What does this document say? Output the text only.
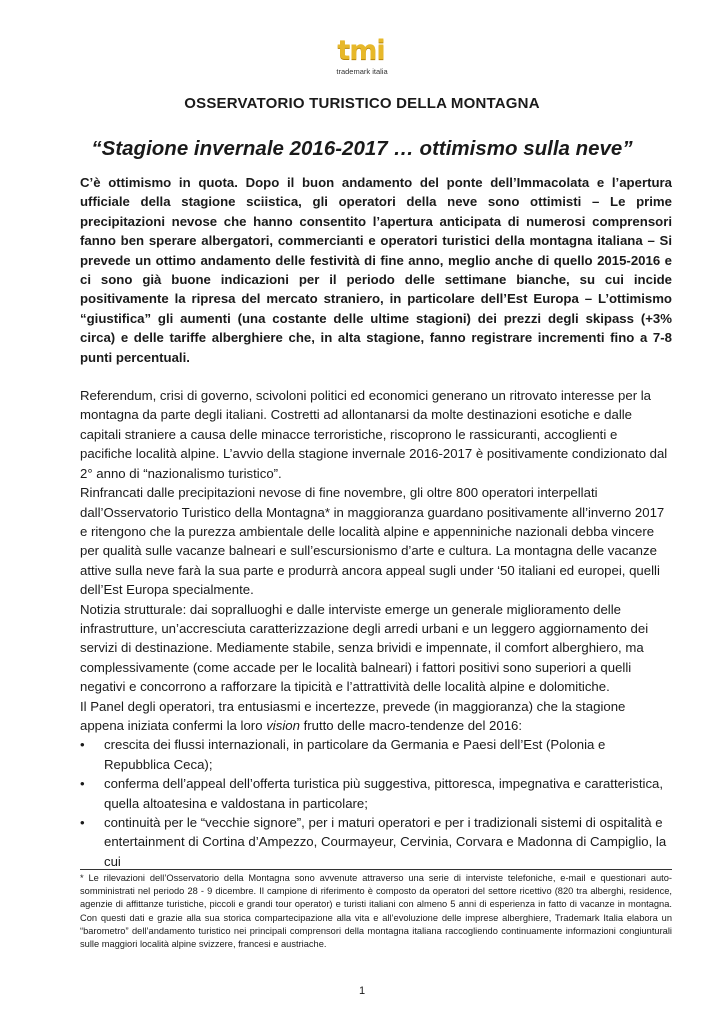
tmi
trademark italia
OSSERVATORIO TURISTICO DELLA MONTAGNA
“Stagione invernale 2016-2017 … ottimismo sulla neve”

C’è ottimismo in quota. Dopo il buon andamento del ponte dell’Immacolata e l’apertura ufficiale della stagione sciistica, gli operatori della neve sono ottimisti – Le prime precipitazioni nevose che hanno consentito l’apertura anticipata di numerosi comprensori fanno ben sperare albergatori, commercianti e operatori turistici della montagna italiana – Si prevede un ottimo andamento delle festività di fine anno, meglio anche di quello 2015-2016 e ci sono già buone indicazioni per il periodo delle settimane bianche, su cui incide positivamente la ripresa del mercato straniero, in particolare dell’Est Europa – L’ottimismo “giustifica” gli aumenti (una costante delle ultime stagioni) dei prezzi degli skipass (+3% circa) e delle tariffe alberghiere che, in alta stagione, fanno registrare incrementi fino a 7-8 punti percentuali.

Referendum, crisi di governo, scivoloni politici ed economici generano un ritrovato interesse per la montagna da parte degli italiani. Costretti ad allontanarsi da molte destinazioni esotiche e dalle capitali straniere a causa delle minacce terroristiche, riscoprono le rassicuranti, accoglienti e pacifiche località alpine. L’avvio della stagione invernale 2016-2017 è positivamente condizionato dal 2° anno di “nazionalismo turistico”.

Rinfrancati dalle precipitazioni nevose di fine novembre, gli oltre 800 operatori interpellati dall’Osservatorio Turistico della Montagna* in maggioranza guardano positivamente all’inverno 2017 e ritengono che la purezza ambientale delle località alpine e appenniniche nazionali debba vincere per qualità sulle vacanze balneari e sull’escursionismo d’arte e cultura. La montagna delle vacanze attive sulla neve farà la sua parte e produrrà ancora appeal sugli under ‘50 italiani ed europei, quelli dell’Est Europa specialmente.

Notizia strutturale: dai sopralluoghi e dalle interviste emerge un generale miglioramento delle infrastrutture, un’accresciuta caratterizzazione degli arredi urbani e un leggero aggiornamento dei servizi di destinazione. Mediamente stabile, senza brividi e impennate, il comfort alberghiero, ma complessivamente (come accade per le località balneari) i fattori positivi sono superiori a quelli negativi e concorrono a rafforzare la tipicità e l’attrattività delle località alpine e dolomitiche.

Il Panel degli operatori, tra entusiasmi e incertezze, prevede (in maggioranza) che la stagione appena iniziata confermi la loro vision frutto delle macro-tendenze del 2016:

• crescita dei flussi internazionali, in particolare da Germania e Paesi dell’Est (Polonia e Repubblica Ceca);
• conferma dell’appeal dell’offerta turistica più suggestiva, pittoresca, impegnativa e caratteristica, quella altoatesina e valdostana in particolare;
• continuità per le “vecchie signore”, per i maturi operatori e per i tradizionali sistemi di ospitalità e entertainment di Cortina d’Ampezzo, Courmayeur, Cervinia, Corvara e Madonna di Campiglio, la cui

* Le rilevazioni dell’Osservatorio della Montagna sono avvenute attraverso una serie di interviste telefoniche, e-mail e questionari auto-somministrati nel periodo 28 - 9 dicembre. Il campione di riferimento è composto da operatori del settore ricettivo (820 tra alberghi, residence, agenzie di affittanze turistiche, piccoli e grandi tour operator) e turisti italiani con almeno 5 anni di esperienza in fatto di vacanze in montagna. Con questi dati e grazie alla sua storica compartecipazione alla vita e all’evoluzione delle imprese alberghiere, Trademark Italia elabora un “barometro” dell’andamento turistico nei principali comprensori della montagna italiana raccogliendo continuamente informazioni congiunturali sulle maggiori località alpine svizzere, francesi e austriache.

1
